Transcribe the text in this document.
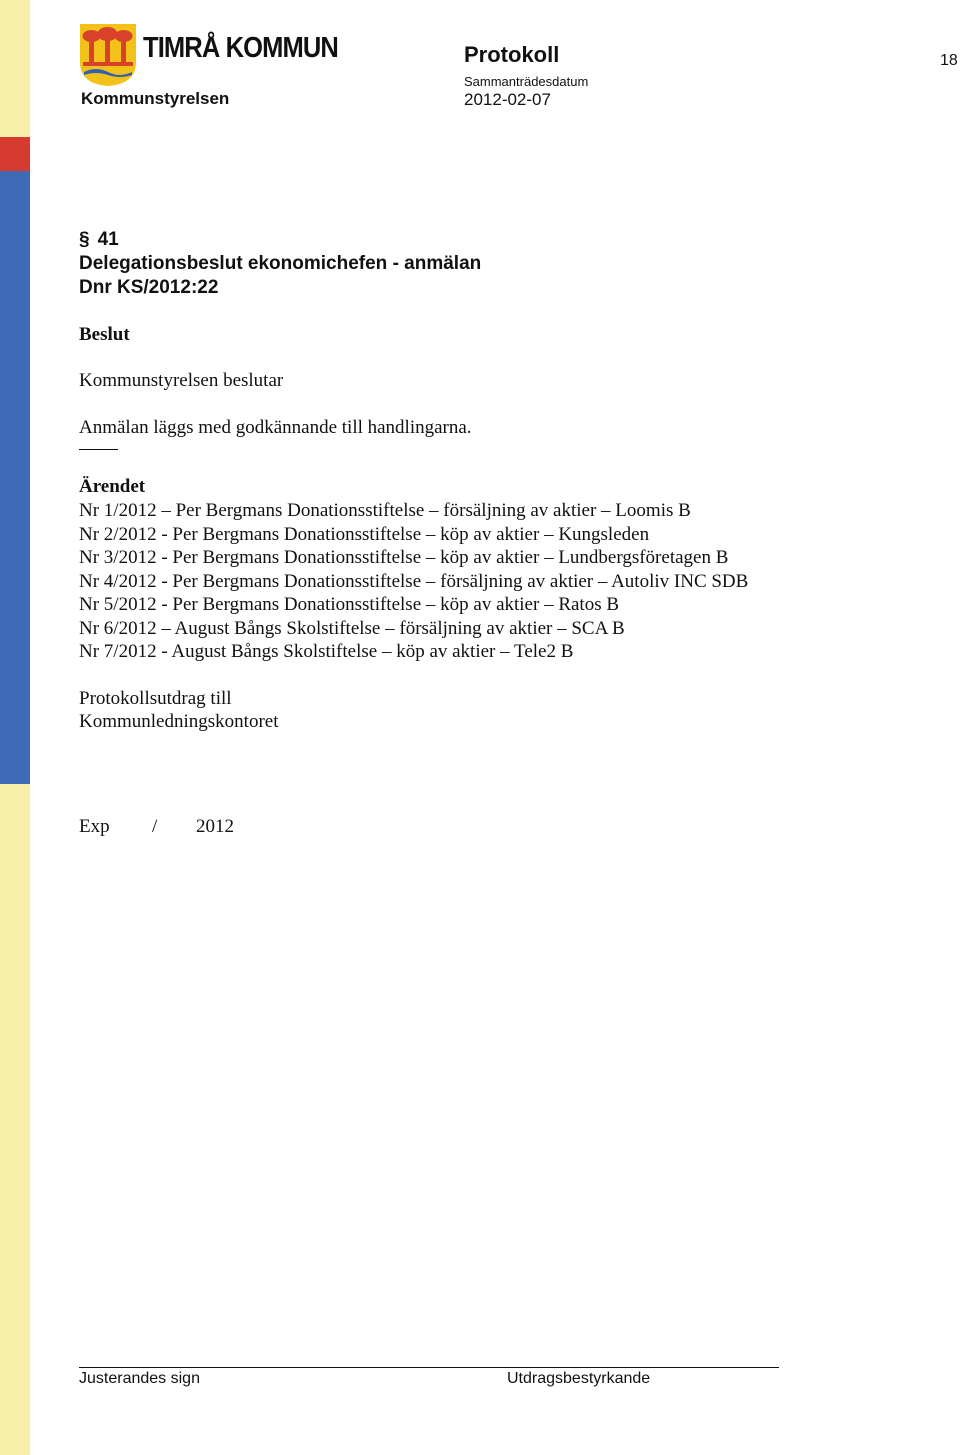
TIMRÅ KOMMUN
Kommunstyrelsen
Protokoll
Sammanträdesdatum
2012-02-07
18

§ 41

Delegationsbeslut ekonomichefen - anmälan

Dnr KS/2012:22

Beslut

Kommunstyrelsen beslutar

Anmälan läggs med godkännande till handlingarna.

Ärendet

Nr 1/2012 – Per Bergmans Donationsstiftelse – försäljning av aktier – Loomis B

Nr 2/2012 - Per Bergmans Donationsstiftelse – köp av aktier – Kungsleden

Nr 3/2012 - Per Bergmans Donationsstiftelse – köp av aktier – Lundbergsföretagen B

Nr 4/2012 - Per Bergmans Donationsstiftelse – försäljning av aktier – Autoliv INC SDB

Nr 5/2012 - Per Bergmans Donationsstiftelse – köp av aktier – Ratos B

Nr 6/2012 – August Bångs Skolstiftelse – försäljning av aktier – SCA B

Nr 7/2012 - August Bångs Skolstiftelse – köp av aktier – Tele2 B

Protokollsutdrag till

Kommunledningskontoret

Exp / 2012
Justerandes sign	Utdragsbestyrkande
